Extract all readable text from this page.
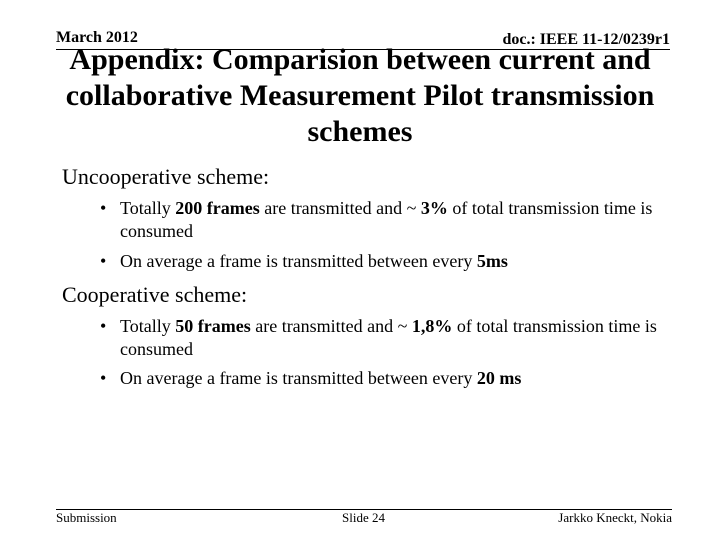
March 2012	doc.: IEEE 11-12/0239r1
Appendix: Comparision between current and collaborative Measurement Pilot transmission schemes
Uncooperative scheme:
• Totally 200 frames are transmitted and ~ 3% of total transmission time is consumed
• On average a frame is transmitted between every 5ms
Cooperative scheme:
• Totally 50 frames are transmitted and ~ 1,8% of total transmission time is consumed
• On average a frame is transmitted between every 20 ms
Submission	Slide 24	Jarkko Kneckt, Nokia
